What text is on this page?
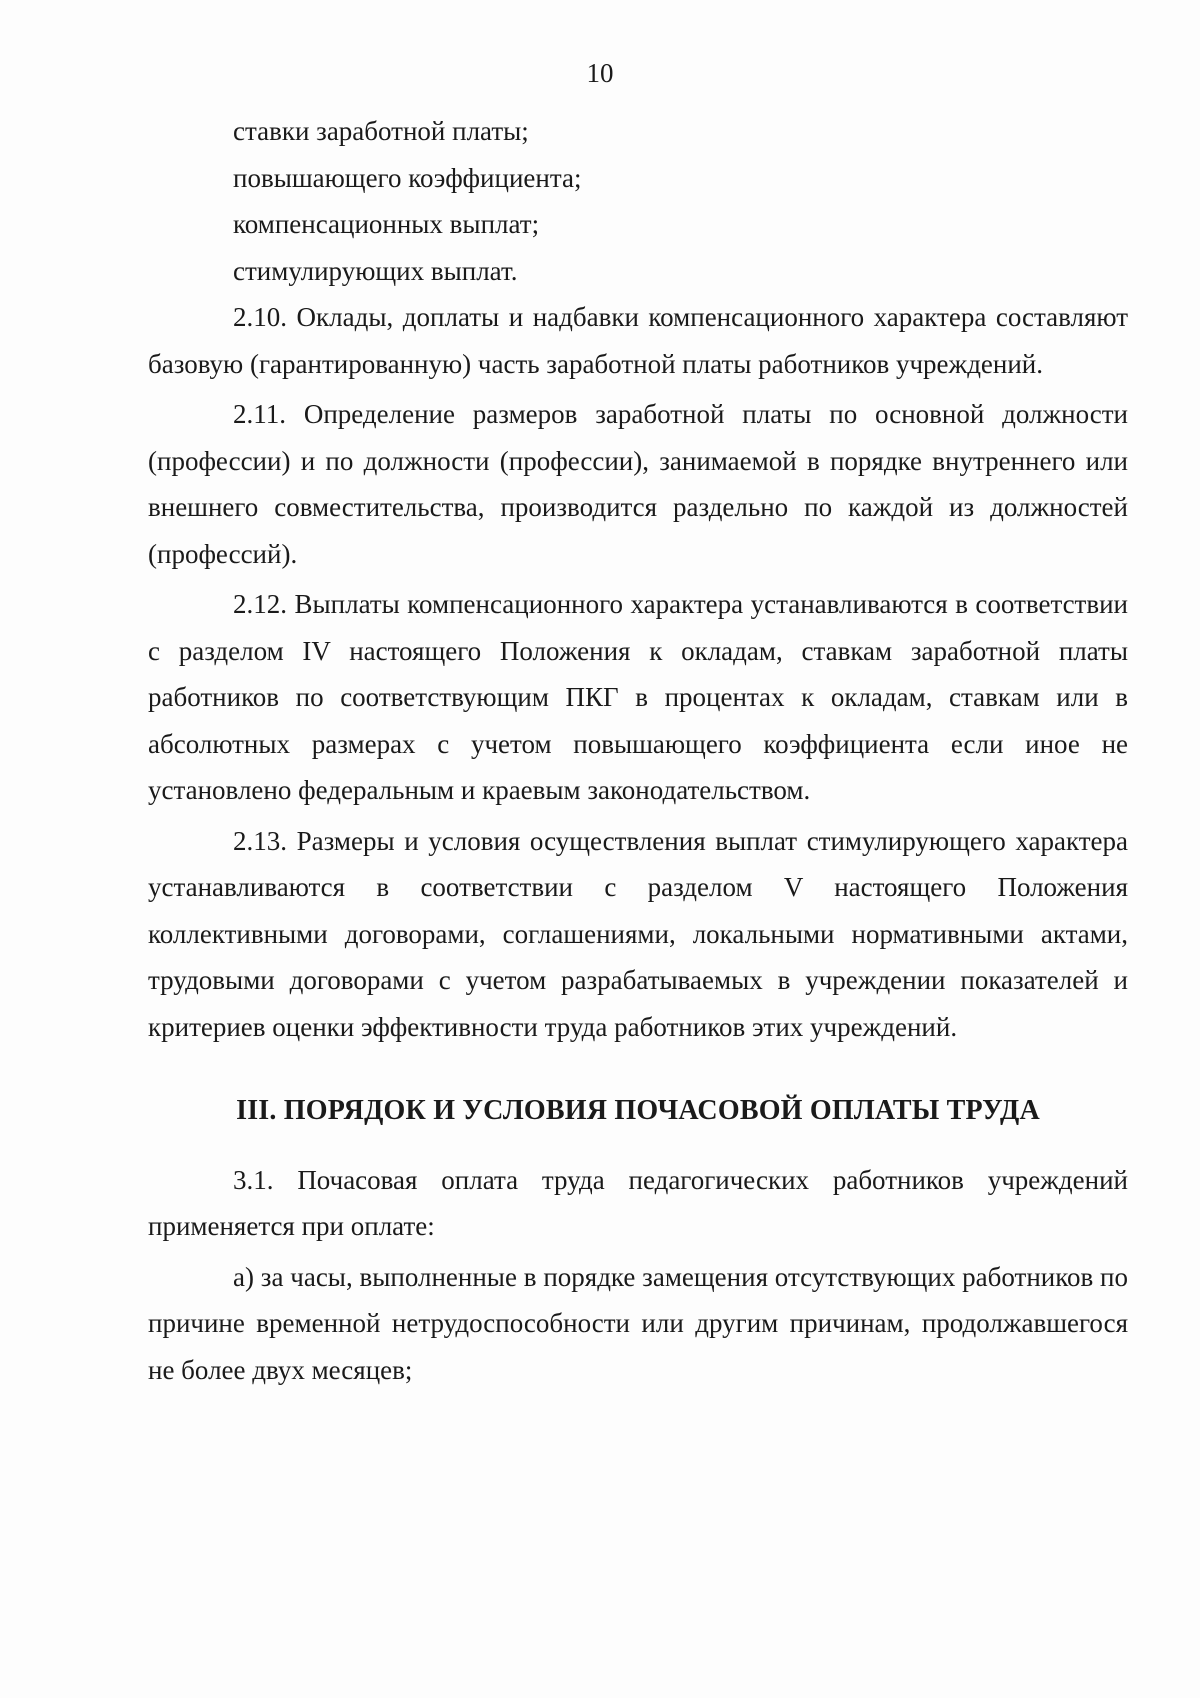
10
ставки заработной платы;
повышающего коэффициента;
компенсационных выплат;
стимулирующих выплат.

2.10. Оклады, доплаты и надбавки компенсационного характера составляют базовую (гарантированную) часть заработной платы работников учреждений.

2.11. Определение размеров заработной платы по основной должности (профессии) и по должности (профессии), занимаемой в порядке внутреннего или внешнего совместительства, производится раздельно по каждой из должностей (профессий).

2.12. Выплаты компенсационного характера устанавливаются в соответствии с разделом IV настоящего Положения к окладам, ставкам заработной платы работников по соответствующим ПКГ в процентах к окладам, ставкам или в абсолютных размерах с учетом повышающего коэффициента если иное не установлено федеральным и краевым законодательством.

2.13. Размеры и условия осуществления выплат стимулирующего характера устанавливаются в соответствии с разделом V настоящего Положения коллективными договорами, соглашениями, локальными нормативными актами, трудовыми договорами с учетом разрабатываемых в учреждении показателей и критериев оценки эффективности труда работников этих учреждений.

III. ПОРЯДОК И УСЛОВИЯ ПОЧАСОВОЙ ОПЛАТЫ ТРУДА

3.1. Почасовая оплата труда педагогических работников учреждений применяется при оплате:

а) за часы, выполненные в порядке замещения отсутствующих работников по причине временной нетрудоспособности или другим причинам, продолжавшегося не более двух месяцев;
